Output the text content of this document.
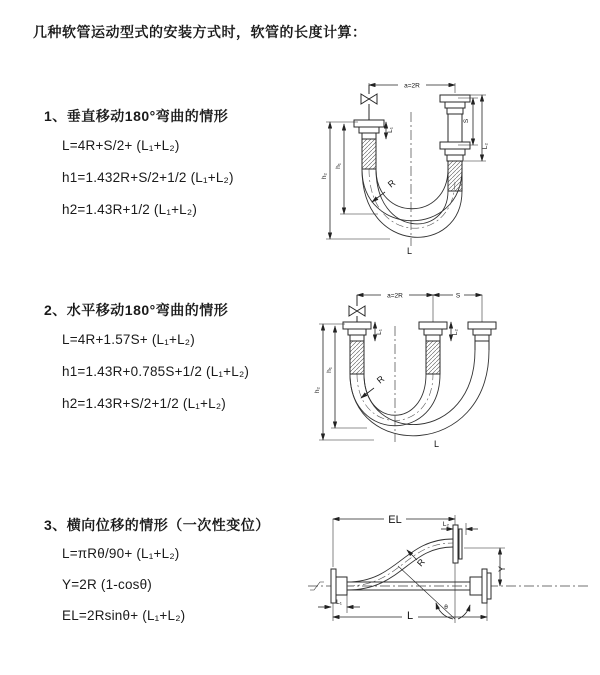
几种软管运动型式的安装方式时，软管的长度计算：
1、垂直移动180°弯曲的情形
L=4R+S/2+ (L₁+L₂)
h1=1.432R+S/2+1/2 (L₁+L₂)
h2=1.43R+1/2 (L₁+L₂)
a=2R
S
L₂
L₁
h₂
h₁
R
L
2、水平移动180°弯曲的情形
L=4R+1.57S+ (L₁+L₂)
h1=1.43R+0.785S+1/2 (L₁+L₂)
h2=1.43R+S/2+1/2 (L₁+L₂)
a=2R	S
L₁	L₂
h₂
h₁
R
L
3、横向位移的情形（一次性变位）
L=πRθ/90+ (L₁+L₂)
Y=2R (1-cosθ)
EL=2Rsinθ+ (L₁+L₂)
θ
R
EL	L₂
Y
L₁
L
